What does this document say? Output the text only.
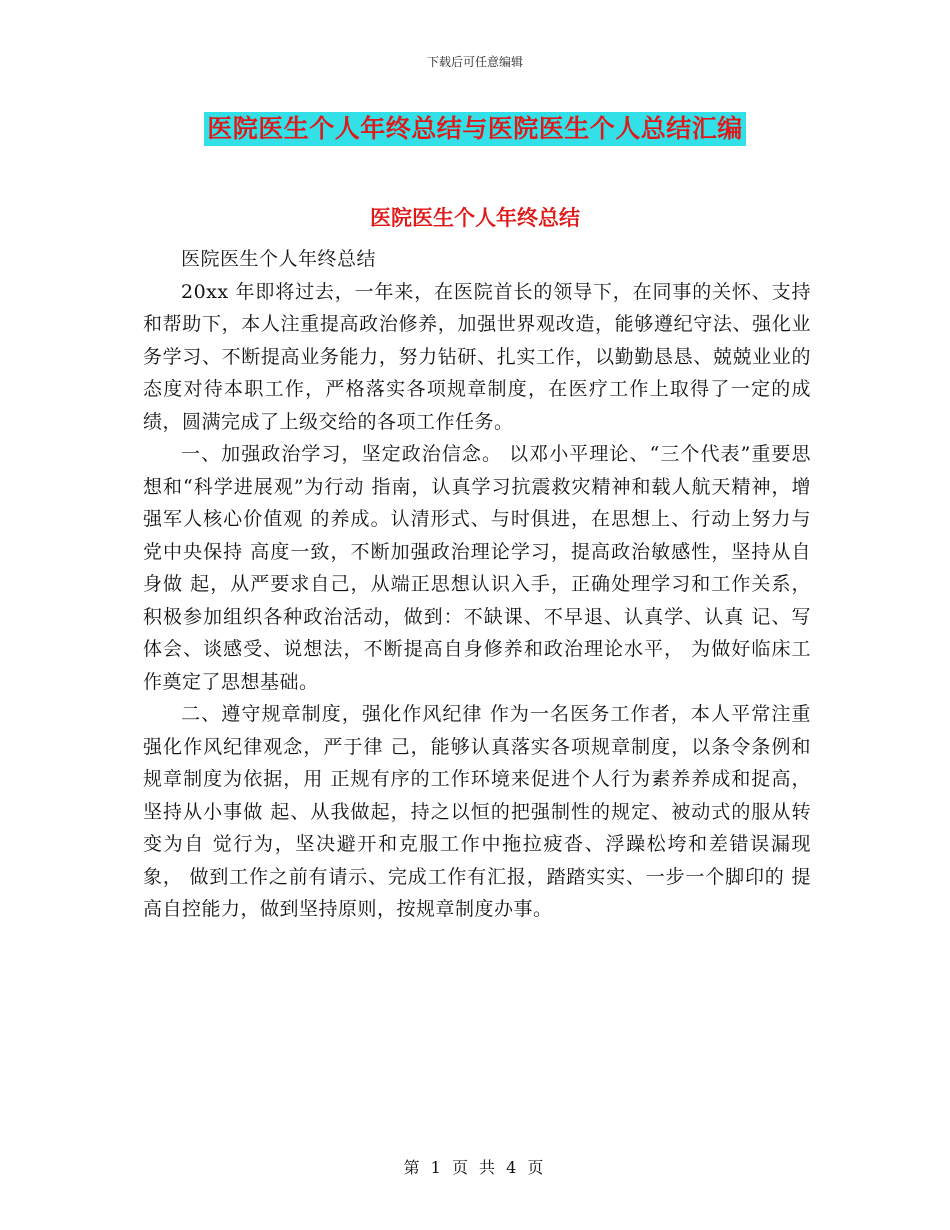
下载后可任意编辑
医院医生个人年终总结与医院医生个人总结汇编
医院医生个人年终总结

医院医生个人年终总结

20xx 年即将过去，一年来，在医院首长的领导下，在同事的关怀、支持和帮助下，本人注重提高政治修养，加强世界观改造，能够遵纪守法、强化业务学习、不断提高业务能力，努力钻研、扎实工作，以勤勤恳恳、兢兢业业的态度对待本职工作，严格落实各项规章制度，在医疗工作上取得了一定的成绩，圆满完成了上级交给的各项工作任务。

一、加强政治学习，坚定政治信念。 以邓小平理论、“三个代表”重要思想和“科学进展观”为行动 指南，认真学习抗震救灾精神和载人航天精神，增强军人核心价值观 的养成。认清形式、与时俱进，在思想上、行动上努力与党中央保持 高度一致，不断加强政治理论学习，提高政治敏感性，坚持从自身做 起，从严要求自己，从端正思想认识入手，正确处理学习和工作关系， 积极参加组织各种政治活动，做到：不缺课、不早退、认真学、认真 记、写体会、谈感受、说想法，不断提高自身修养和政治理论水平， 为做好临床工作奠定了思想基础。

二、遵守规章制度，强化作风纪律 作为一名医务工作者，本人平常注重强化作风纪律观念，严于律 己，能够认真落实各项规章制度，以条令条例和规章制度为依据，用 正规有序的工作环境来促进个人行为素养养成和捉高，坚持从小事做 起、从我做起，持之以恒的把强制性的规定、被动式的服从转变为自 觉行为，坚决避开和克服工作中拖拉疲沓、浮躁松垮和差错误漏现象， 做到工作之前有请示、完成工作有汇报，踏踏实实、一步一个脚印的 提高自控能力，做到坚持原则，按规章制度办事。

第 1 页 共 4 页
